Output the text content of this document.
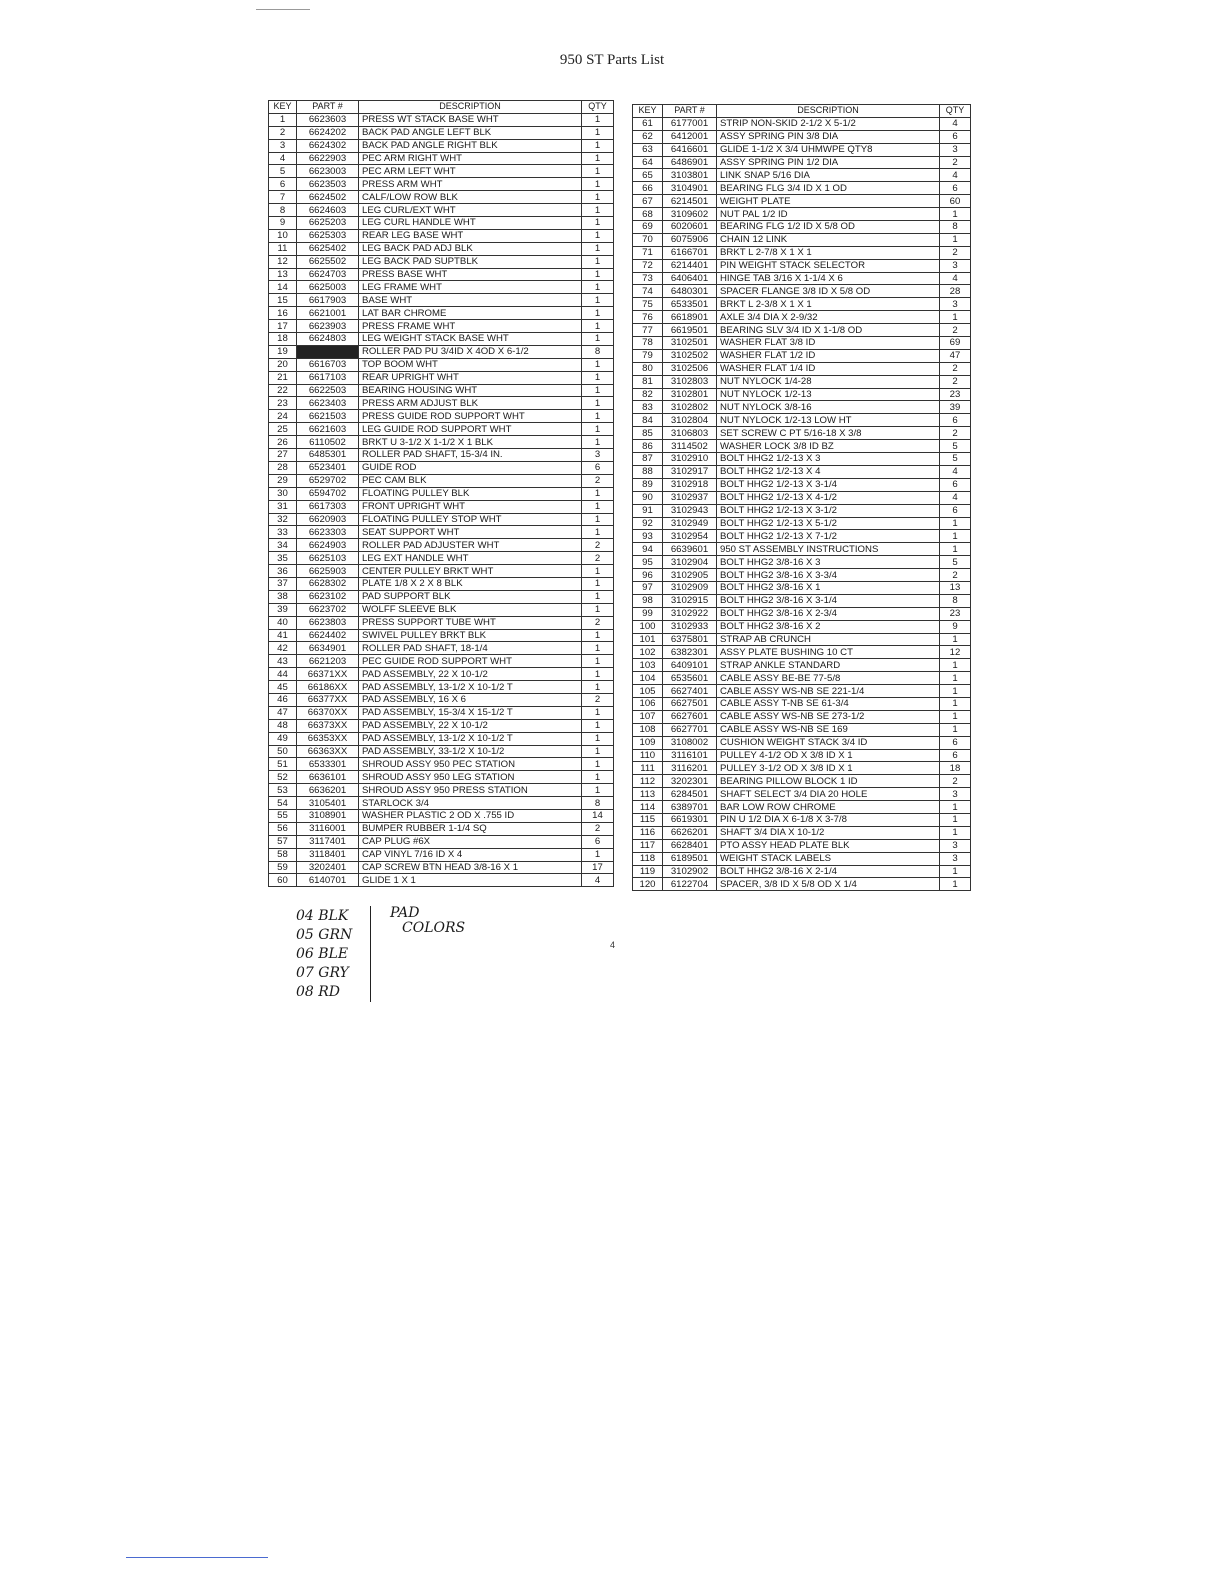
950 ST Parts List
KEY	PART #	DESCRIPTION	QTY
1	6623603	PRESS WT STACK BASE WHT	1
2	6624202	BACK PAD ANGLE LEFT BLK	1
3	6624302	BACK PAD ANGLE RIGHT BLK	1
4	6622903	PEC ARM RIGHT WHT	1
5	6623003	PEC ARM LEFT WHT	1
6	6623503	PRESS ARM WHT	1
7	6624502	CALF/LOW ROW BLK	1
8	6624603	LEG CURL/EXT WHT	1
9	6625203	LEG CURL HANDLE WHT	1
10	6625303	REAR LEG BASE WHT	1
11	6625402	LEG BACK PAD ADJ BLK	1
12	6625502	LEG BACK PAD SUPTBLK	1
13	6624703	PRESS BASE WHT	1
14	6625003	LEG FRAME WHT	1
15	6617903	BASE WHT	1
16	6621001	LAT BAR CHROME	1
17	6623903	PRESS FRAME WHT	1
18	6624803	LEG WEIGHT STACK BASE WHT	1
19		ROLLER PAD PU 3/4ID X 4OD X 6-1/2	8
20	6616703	TOP BOOM WHT	1
21	6617103	REAR UPRIGHT WHT	1
22	6622503	BEARING HOUSING WHT	1
23	6623403	PRESS ARM ADJUST BLK	1
24	6621503	PRESS GUIDE ROD SUPPORT WHT	1
25	6621603	LEG GUIDE ROD SUPPORT WHT	1
26	6110502	BRKT U 3-1/2 X 1-1/2 X 1 BLK	1
27	6485301	ROLLER PAD SHAFT, 15-3/4 IN.	3
28	6523401	GUIDE ROD	6
29	6529702	PEC CAM BLK	2
30	6594702	FLOATING PULLEY BLK	1
31	6617303	FRONT UPRIGHT WHT	1
32	6620903	FLOATING PULLEY STOP WHT	1
33	6623303	SEAT SUPPORT WHT	1
34	6624903	ROLLER PAD ADJUSTER WHT	2
35	6625103	LEG EXT HANDLE WHT	2
36	6625903	CENTER PULLEY BRKT WHT	1
37	6628302	PLATE 1/8 X 2 X 8 BLK	1
38	6623102	PAD SUPPORT BLK	1
39	6623702	WOLFF SLEEVE BLK	1
40	6623803	PRESS SUPPORT TUBE WHT	2
41	6624402	SWIVEL PULLEY BRKT BLK	1
42	6634901	ROLLER PAD SHAFT, 18-1/4	1
43	6621203	PEC GUIDE ROD SUPPORT WHT	1
44	66371XX	PAD ASSEMBLY, 22 X 10-1/2	1
45	66186XX	PAD ASSEMBLY, 13-1/2 X 10-1/2 T	1
46	66377XX	PAD ASSEMBLY, 16 X 6	2
47	66370XX	PAD ASSEMBLY, 15-3/4 X 15-1/2 T	1
48	66373XX	PAD ASSEMBLY, 22 X 10-1/2	1
49	66353XX	PAD ASSEMBLY, 13-1/2 X 10-1/2 T	1
50	66363XX	PAD ASSEMBLY, 33-1/2 X 10-1/2	1
51	6533301	SHROUD ASSY 950 PEC STATION	1
52	6636101	SHROUD ASSY 950 LEG STATION	1
53	6636201	SHROUD ASSY 950 PRESS STATION	1
54	3105401	STARLOCK 3/4	8
55	3108901	WASHER PLASTIC 2 OD X .755 ID	14
56	3116001	BUMPER RUBBER 1-1/4 SQ	2
57	3117401	CAP PLUG #6X	6
58	3118401	CAP VINYL 7/16 ID X 4	1
59	3202401	CAP SCREW BTN HEAD 3/8-16 X 1	17
60	6140701	GLIDE 1 X 1	4
KEY	PART #	DESCRIPTION	QTY
61	6177001	STRIP NON-SKID 2-1/2 X 5-1/2	4
62	6412001	ASSY SPRING PIN 3/8 DIA	6
63	6416601	GLIDE 1-1/2 X 3/4 UHMWPE QTY8	3
64	6486901	ASSY SPRING PIN 1/2 DIA	2
65	3103801	LINK SNAP 5/16 DIA	4
66	3104901	BEARING FLG 3/4 ID X 1 OD	6
67	6214501	WEIGHT PLATE	60
68	3109602	NUT PAL 1/2 ID	1
69	6020601	BEARING FLG 1/2 ID X 5/8 OD	8
70	6075906	CHAIN 12 LINK	1
71	6166701	BRKT L 2-7/8 X 1 X 1	2
72	6214401	PIN WEIGHT STACK SELECTOR	3
73	6406401	HINGE TAB 3/16 X 1-1/4 X 6	4
74	6480301	SPACER FLANGE 3/8 ID X 5/8 OD	28
75	6533501	BRKT L 2-3/8 X 1 X 1	3
76	6618901	AXLE 3/4 DIA X 2-9/32	1
77	6619501	BEARING SLV 3/4 ID X 1-1/8 OD	2
78	3102501	WASHER FLAT 3/8 ID	69
79	3102502	WASHER FLAT 1/2 ID	47
80	3102506	WASHER FLAT 1/4 ID	2
81	3102803	NUT NYLOCK 1/4-28	2
82	3102801	NUT NYLOCK 1/2-13	23
83	3102802	NUT NYLOCK 3/8-16	39
84	3102804	NUT NYLOCK 1/2-13 LOW HT	6
85	3106803	SET SCREW C PT 5/16-18 X 3/8	2
86	3114502	WASHER LOCK 3/8 ID BZ	5
87	3102910	BOLT HHG2 1/2-13 X 3	5
88	3102917	BOLT HHG2 1/2-13 X 4	4
89	3102918	BOLT HHG2 1/2-13 X 3-1/4	6
90	3102937	BOLT HHG2 1/2-13 X 4-1/2	4
91	3102943	BOLT HHG2 1/2-13 X 3-1/2	6
92	3102949	BOLT HHG2 1/2-13 X 5-1/2	1
93	3102954	BOLT HHG2 1/2-13 X 7-1/2	1
94	6639601	950 ST ASSEMBLY INSTRUCTIONS	1
95	3102904	BOLT HHG2 3/8-16 X 3	5
96	3102905	BOLT HHG2 3/8-16 X 3-3/4	2
97	3102909	BOLT HHG2 3/8-16 X 1	13
98	3102915	BOLT HHG2 3/8-16 X 3-1/4	8
99	3102922	BOLT HHG2 3/8-16 X 2-3/4	23
100	3102933	BOLT HHG2 3/8-16 X 2	9
101	6375801	STRAP AB CRUNCH	1
102	6382301	ASSY PLATE BUSHING 10 CT	12
103	6409101	STRAP ANKLE STANDARD	1
104	6535601	CABLE ASSY BE-BE 77-5/8	1
105	6627401	CABLE ASSY WS-NB SE 221-1/4	1
106	6627501	CABLE ASSY T-NB SE 61-3/4	1
107	6627601	CABLE ASSY WS-NB SE 273-1/2	1
108	6627701	CABLE ASSY WS-NB SE 169	1
109	3108002	CUSHION WEIGHT STACK 3/4 ID	6
110	3116101	PULLEY 4-1/2 OD X 3/8 ID X 1	6
111	3116201	PULLEY 3-1/2 OD X 3/8 ID X 1	18
112	3202301	BEARING PILLOW BLOCK 1 ID	2
113	6284501	SHAFT SELECT 3/4 DIA 20 HOLE	3
114	6389701	BAR LOW ROW CHROME	1
115	6619301	PIN U 1/2 DIA X 6-1/8 X 3-7/8	1
116	6626201	SHAFT 3/4 DIA X 10-1/2	1
117	6628401	PTO ASSY HEAD PLATE BLK	3
118	6189501	WEIGHT STACK LABELS	3
119	3102902	BOLT HHG2 3/8-16 X 2-1/4	1
120	6122704	SPACER, 3/8 ID X 5/8 OD X 1/4	1
4
04 BLK
05 GRN
06 BLE
07 GRY
08 RD
PAD
COLORS
